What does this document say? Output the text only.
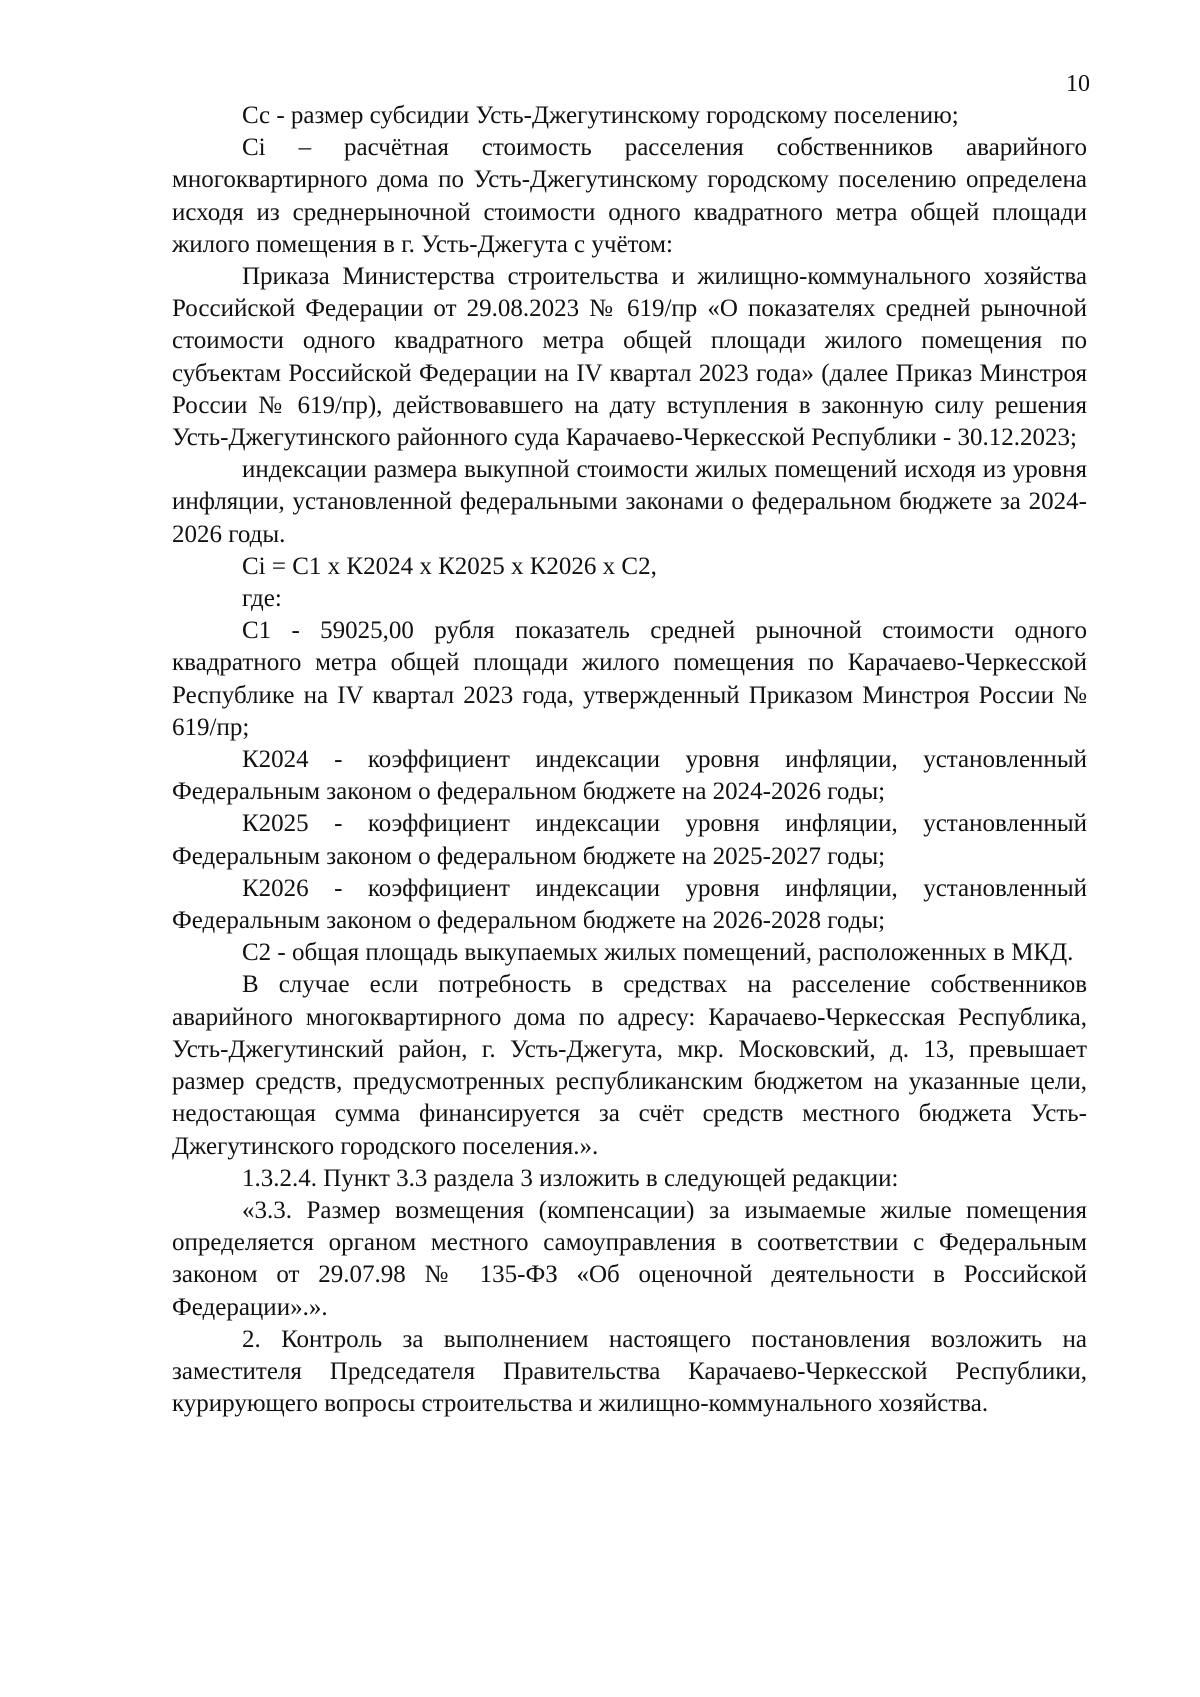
10

Сс - размер субсидии Усть-Джегутинскому городскому поселению;

Сi – расчётная стоимость расселения собственников аварийного многоквартирного дома по Усть-Джегутинскому городскому поселению определена исходя из среднерыночной стоимости одного квадратного метра общей площади жилого помещения в г. Усть-Джегута с учётом:

Приказа Министерства строительства и жилищно-коммунального хозяйства Российской Федерации от 29.08.2023 № 619/пр «О показателях средней рыночной стоимости одного квадратного метра общей площади жилого помещения по субъектам Российской Федерации на IV квартал 2023 года» (далее Приказ Минстроя России № 619/пр), действовавшего на дату вступления в законную силу решения Усть-Джегутинского районного суда Карачаево-Черкесской Республики - 30.12.2023;

индексации размера выкупной стоимости жилых помещений исходя из уровня инфляции, установленной федеральными законами о федеральном бюджете за 2024-2026 годы.

Сi = С1 х К2024 х К2025 х К2026 х С2,

где:

С1 - 59025,00 рубля показатель средней рыночной стоимости одного квадратного метра общей площади жилого помещения по Карачаево-Черкесской Республике на IV квартал 2023 года, утвержденный Приказом Минстроя России № 619/пр;

К2024 - коэффициент индексации уровня инфляции, установленный Федеральным законом о федеральном бюджете на 2024-2026 годы;

К2025 - коэффициент индексации уровня инфляции, установленный Федеральным законом о федеральном бюджете на 2025-2027 годы;

К2026 - коэффициент индексации уровня инфляции, установленный Федеральным законом о федеральном бюджете на 2026-2028 годы;

С2 - общая площадь выкупаемых жилых помещений, расположенных в МКД.

В случае если потребность в средствах на расселение собственников аварийного многоквартирного дома по адресу: Карачаево-Черкесская Республика, Усть-Джегутинский район, г. Усть-Джегута, мкр. Московский, д. 13, превышает размер средств, предусмотренных республиканским бюджетом на указанные цели, недостающая сумма финансируется за счёт средств местного бюджета Усть-Джегутинского городского поселения.».

1.3.2.4. Пункт 3.3 раздела 3 изложить в следующей редакции:

«3.3. Размер возмещения (компенсации) за изымаемые жилые помещения определяется органом местного самоуправления в соответствии с Федеральным законом от 29.07.98 № 135-ФЗ «Об оценочной деятельности в Российской Федерации».».

2. Контроль за выполнением настоящего постановления возложить на заместителя Председателя Правительства Карачаево-Черкесской Республики, курирующего вопросы строительства и жилищно-коммунального хозяйства.
